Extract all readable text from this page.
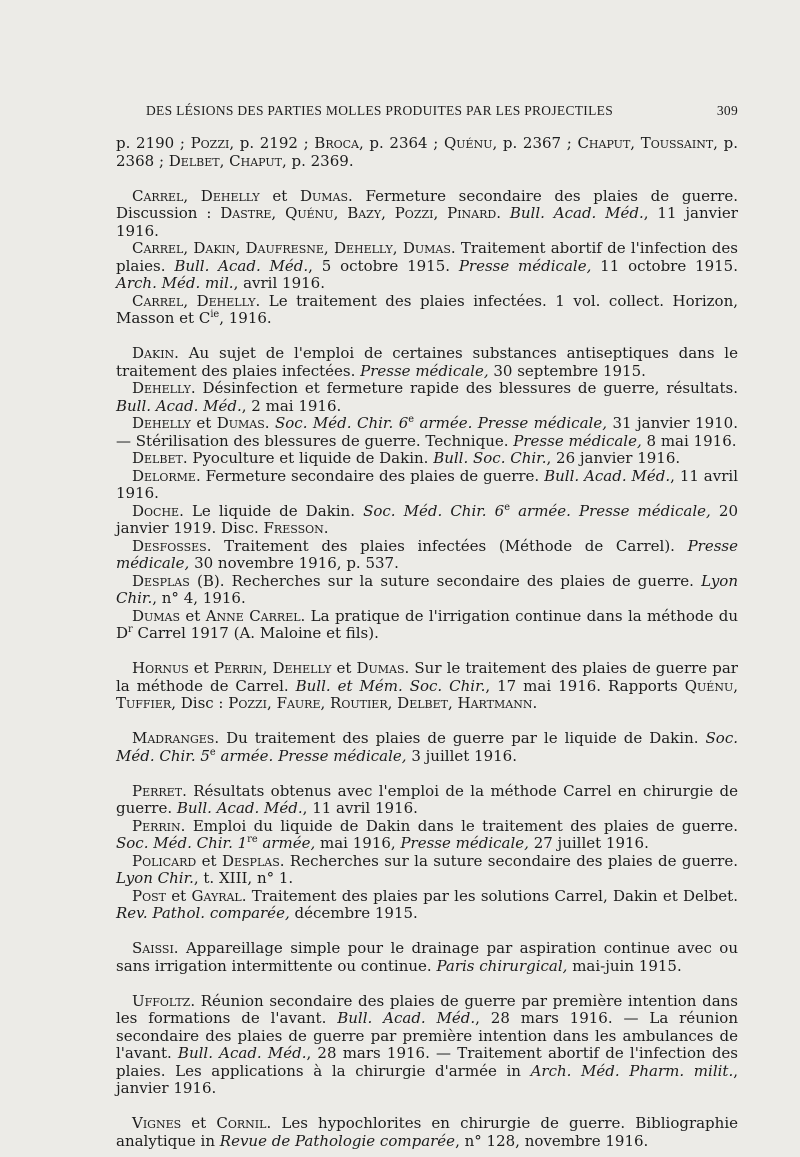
DES LÉSIONS DES PARTIES MOLLES PRODUITES PAR LES PROJECTILES	309

p. 2190 ; Pozzi, p. 2192 ; Broca, p. 2364 ; Quénu, p. 2367 ; Chaput, Toussaint, p. 2368 ; Delbet, Chaput, p. 2369.

Carrel, Dehelly et Dumas. Fermeture secondaire des plaies de guerre. Discussion : Dastre, Quénu, Bazy, Pozzi, Pinard. Bull. Acad. Méd., 11 janvier 1916.

Carrel, Dakin, Daufresne, Dehelly, Dumas. Traitement abortif de l'infection des plaies. Bull. Acad. Méd., 5 octobre 1915. Presse médicale, 11 octobre 1915. Arch. Méd. mil., avril 1916.

Carrel, Dehelly. Le traitement des plaies infectées. 1 vol. collect. Horizon, Masson et $C^{ie}$, 1916.

Dakin. Au sujet de l'emploi de certaines substances antiseptiques dans le traitement des plaies infectées. Presse médicale, 30 septembre 1915.

Dehelly. Désinfection et fermeture rapide des blessures de guerre, résultats. Bull. Acad. Méd., 2 mai 1916.

Dehelly et Dumas. Soc. Méd. Chir. 6e armée. Presse médicale, 31 janvier 1910. — Stérilisation des blessures de guerre. Technique. Presse médicale, 8 mai 1916.

Delbet. Pyoculture et liquide de Dakin. Bull. Soc. Chir., 26 janvier 1916.

Delorme. Fermeture secondaire des plaies de guerre. Bull. Acad. Méd., 11 avril 1916.

Doche. Le liquide de Dakin. Soc. Méd. Chir. 6e armée. Presse médicale, 20 janvier 1919. Disc. Fresson.

Desfosses. Traitement des plaies infectées (Méthode de Carrel). Presse médicale, 30 novembre 1916, p. 537.

Desplas (B). Recherches sur la suture secondaire des plaies de guerre. Lyon Chir., n° 4, 1916.

Dumas et Anne Carrel. La pratique de l'irrigation continue dans la méthode du $D^r$ Carrel 1917 (A. Maloine et fils).

Hornus et Perrin, Dehelly et Dumas. Sur le traitement des plaies de guerre par la méthode de Carrel. Bull. et Mém. Soc. Chir., 17 mai 1916. Rapports Quénu, Tuffier, Disc : Pozzi, Faure, Routier, Delbet, Hartmann.

Madranges. Du traitement des plaies de guerre par le liquide de Dakin. Soc. Méd. Chir. 5e armée. Presse médicale, 3 juillet 1916.

Perret. Résultats obtenus avec l'emploi de la méthode Carrel en chirurgie de guerre. Bull. Acad. Méd., 11 avril 1916.

Perrin. Emploi du liquide de Dakin dans le traitement des plaies de guerre. Soc. Méd. Chir. 1re armée, mai 1916, Presse médicale, 27 juillet 1916.

Policard et Desplas. Recherches sur la suture secondaire des plaies de guerre. Lyon Chir., t. XIII, n° 1.

Post et Gayral. Traitement des plaies par les solutions Carrel, Dakin et Delbet. Rev. Pathol. comparée, décembre 1915.

Saissi. Appareillage simple pour le drainage par aspiration continue avec ou sans irrigation intermittente ou continue. Paris chirurgical, mai-juin 1915.

Uffoltz. Réunion secondaire des plaies de guerre par première intention dans les formations de l'avant. Bull. Acad. Méd., 28 mars 1916. — La réunion secondaire des plaies de guerre par première intention dans les ambulances de l'avant. Bull. Acad. Méd., 28 mars 1916. — Traitement abortif de l'infection des plaies. Les applications à la chirurgie d'armée in Arch. Méd. Pharm. milit., janvier 1916.

Vignes et Cornil. Les hypochlorites en chirurgie de guerre. Bibliographie analytique in Revue de Pathologie comparée, n° 128, novembre 1916.
